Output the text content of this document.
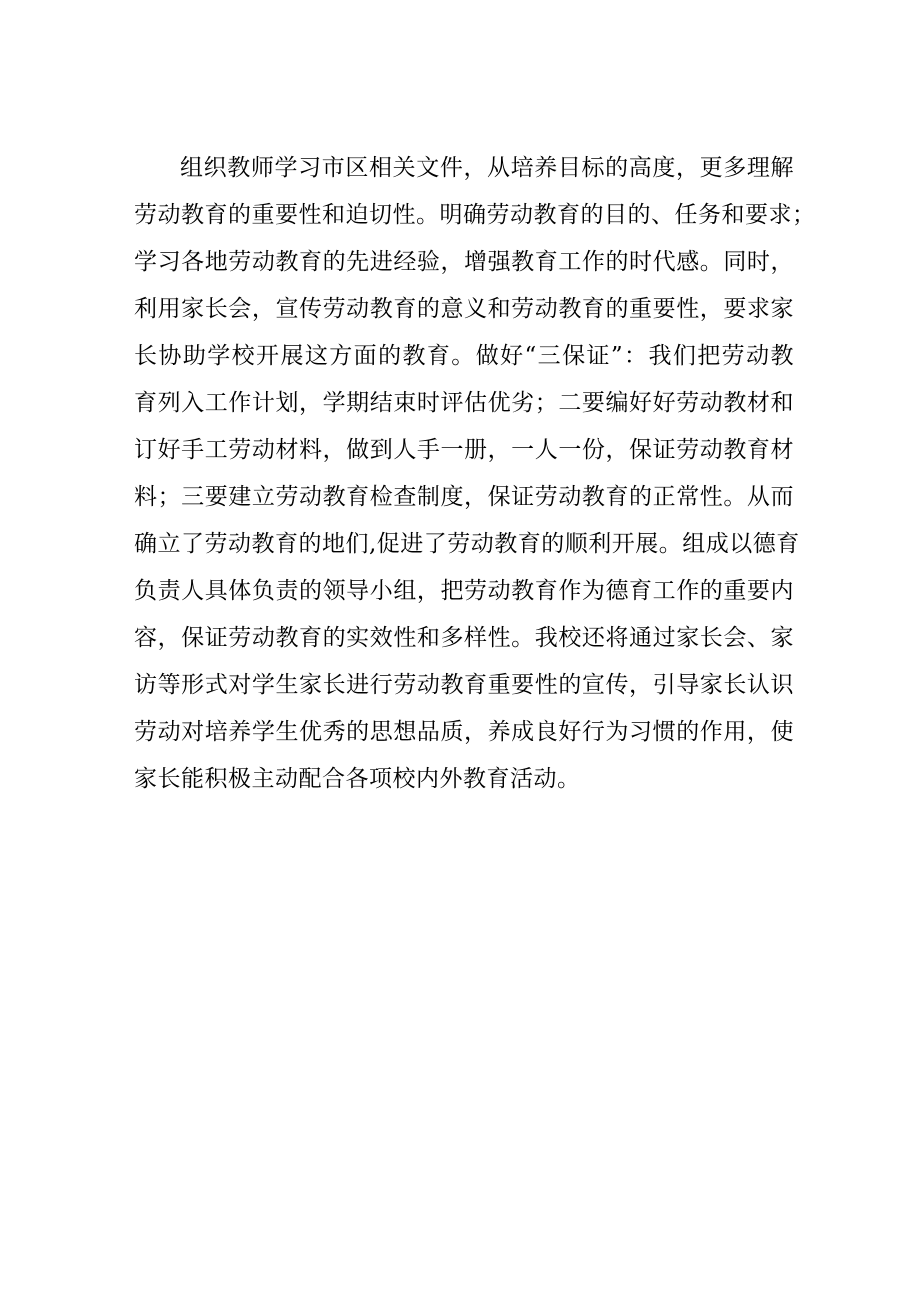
组织教师学习市区相关文件，从培养目标的高度，更多理解
劳动教育的重要性和迫切性。明确劳动教育的目的、任务和要求；
学习各地劳动教育的先进经验，增强教育工作的时代感。同时，
利用家长会，宣传劳动教育的意义和劳动教育的重要性，要求家
长协助学校开展这方面的教育。做好“三保证”：我们把劳动教
育列入工作计划，学期结束时评估优劣；二要编好好劳动教材和
订好手工劳动材料，做到人手一册，一人一份，保证劳动教育材
料；三要建立劳动教育检查制度，保证劳动教育的正常性。从而
确立了劳动教育的地们,促进了劳动教育的顺利开展。组成以德育
负责人具体负责的领导小组，把劳动教育作为德育工作的重要内
容，保证劳动教育的实效性和多样性。我校还将通过家长会、家
访等形式对学生家长进行劳动教育重要性的宣传，引导家长认识
劳动对培养学生优秀的思想品质，养成良好行为习惯的作用，使
家长能积极主动配合各项校内外教育活动。
